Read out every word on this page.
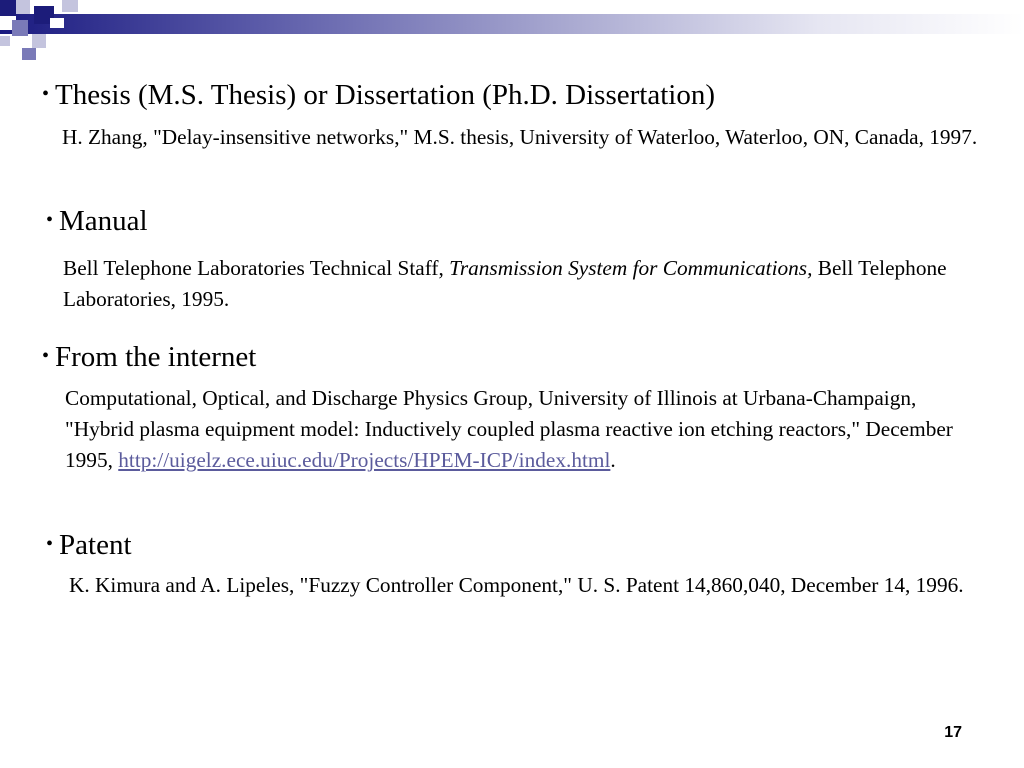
• Thesis (M.S. Thesis) or Dissertation (Ph.D. Dissertation)
H. Zhang, "Delay-insensitive networks," M.S. thesis, University of Waterloo, Waterloo, ON, Canada, 1997.
• Manual
Bell Telephone Laboratories Technical Staff, Transmission System for Communications, Bell Telephone Laboratories, 1995.
• From the internet
Computational, Optical, and Discharge Physics Group, University of Illinois at Urbana-Champaign, "Hybrid plasma equipment model: Inductively coupled plasma reactive ion etching reactors," December 1995, http://uigelz.ece.uiuc.edu/Projects/HPEM-ICP/index.html.
• Patent
K. Kimura and A. Lipeles, "Fuzzy Controller Component," U. S. Patent 14,860,040, December 14, 1996.
17
